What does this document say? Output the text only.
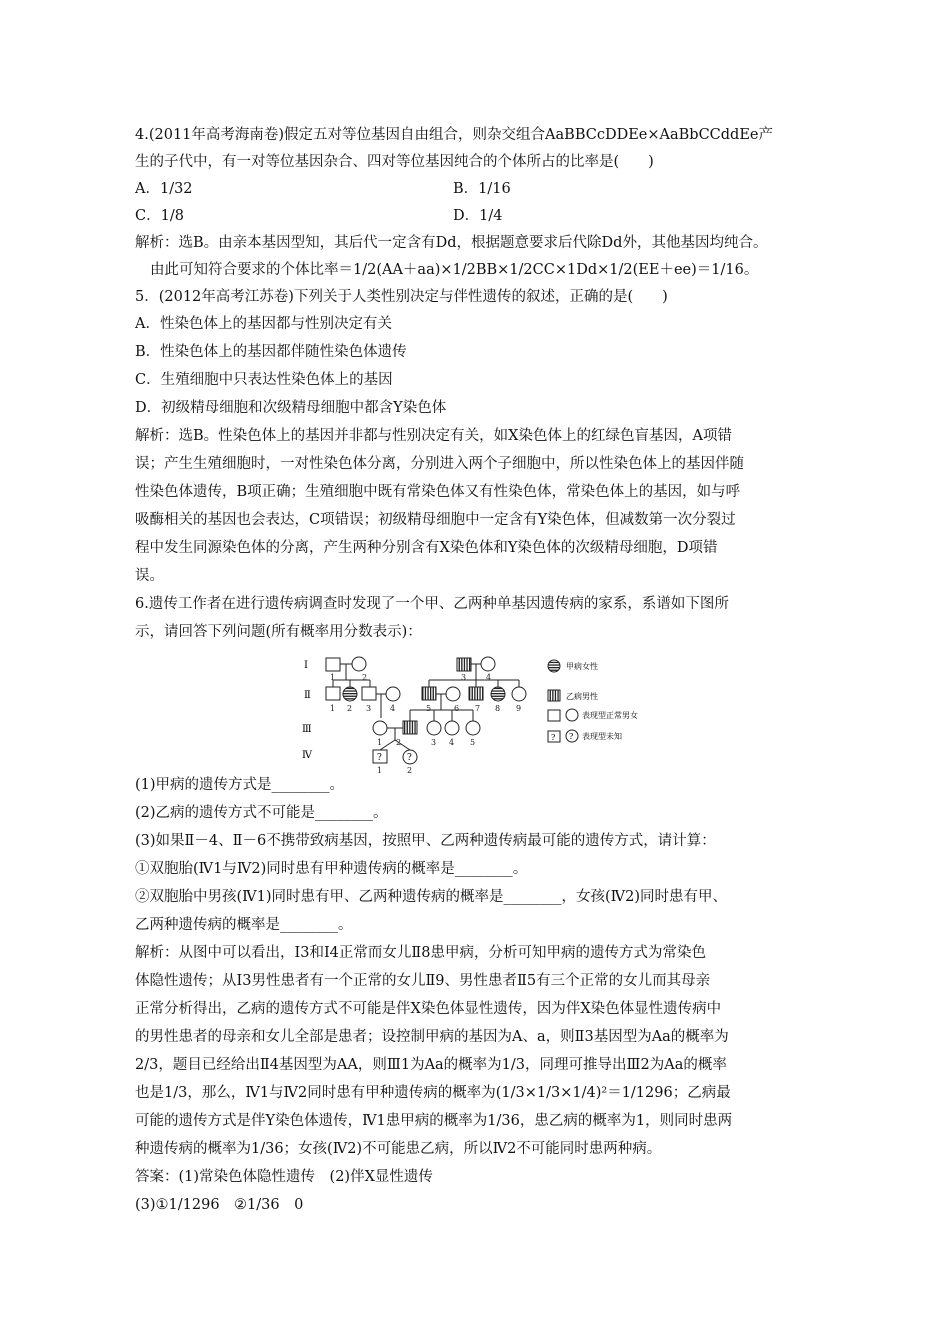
4.(2011年高考海南卷)假定五对等位基因自由组合，则杂交组合AaBBCcDDEe×AaBbCCddEe产
生的子代中，有一对等位基因杂合、四对等位基因纯合的个体所占的比率是(　　)
A．1/32	B．1/16
C．1/8	D．1/4
解析：选B。由亲本基因型知，其后代一定含有Dd，根据题意要求后代除Dd外，其他基因均纯合。
由此可知符合要求的个体比率＝1/2(AA＋aa)×1/2BB×1/2CC×1Dd×1/2(EE＋ee)＝1/16。
5．(2012年高考江苏卷)下列关于人类性别决定与伴性遗传的叙述，正确的是(　　)
A．性染色体上的基因都与性别决定有关
B．性染色体上的基因都伴随性染色体遗传
C．生殖细胞中只表达性染色体上的基因
D．初级精母细胞和次级精母细胞中都含Y染色体
解析：选B。性染色体上的基因并非都与性别决定有关，如X染色体上的红绿色盲基因，A项错
误；产生生殖细胞时，一对性染色体分离，分别进入两个子细胞中，所以性染色体上的基因伴随
性染色体遗传，B项正确；生殖细胞中既有常染色体又有性染色体，常染色体上的基因，如与呼
吸酶相关的基因也会表达，C项错误；初级精母细胞中一定含有Y染色体，但减数第一次分裂过
程中发生同源染色体的分离，产生两种分别含有X染色体和Y染色体的次级精母细胞，D项错
误。
6.遗传工作者在进行遗传病调查时发现了一个甲、乙两种单基因遗传病的家系，系谱如下图所
示，请回答下列问题(所有概率用分数表示)：
Ⅰ
Ⅱ
Ⅲ
Ⅳ	?	?
1	2	3 4
1 2 3 4	5	6 7 8 9
1 2	3 4 5
1	2
甲病女性
乙病男性
表现型正常男女
? ? 表现型未知
(1)甲病的遗传方式是________。
(2)乙病的遗传方式不可能是________。
(3)如果Ⅱ－4、Ⅱ－6不携带致病基因，按照甲、乙两种遗传病最可能的遗传方式，请计算：
①双胞胎(Ⅳ1与Ⅳ2)同时患有甲种遗传病的概率是________。
②双胞胎中男孩(Ⅳ1)同时患有甲、乙两种遗传病的概率是________，女孩(Ⅳ2)同时患有甲、
乙两种遗传病的概率是________。
解析：从图中可以看出，Ⅰ3和Ⅰ4正常而女儿Ⅱ8患甲病，分析可知甲病的遗传方式为常染色
体隐性遗传；从Ⅰ3男性患者有一个正常的女儿Ⅱ9、男性患者Ⅱ5有三个正常的女儿而其母亲
正常分析得出，乙病的遗传方式不可能是伴X染色体显性遗传，因为伴X染色体显性遗传病中
的男性患者的母亲和女儿全部是患者；设控制甲病的基因为A、a，则Ⅱ3基因型为Aa的概率为
2/3，题目已经给出Ⅱ4基因型为AA，则Ⅲ1为Aa的概率为1/3，同理可推导出Ⅲ2为Aa的概率
也是1/3，那么，Ⅳ1与Ⅳ2同时患有甲种遗传病的概率为(1/3×1/3×1/4)²＝1/1296；乙病最
可能的遗传方式是伴Y染色体遗传，Ⅳ1患甲病的概率为1/36，患乙病的概率为1，则同时患两
种遗传病的概率为1/36；女孩(Ⅳ2)不可能患乙病，所以Ⅳ2不可能同时患两种病。
答案：(1)常染色体隐性遗传　(2)伴X显性遗传
(3)①1/1296　②1/36　0
